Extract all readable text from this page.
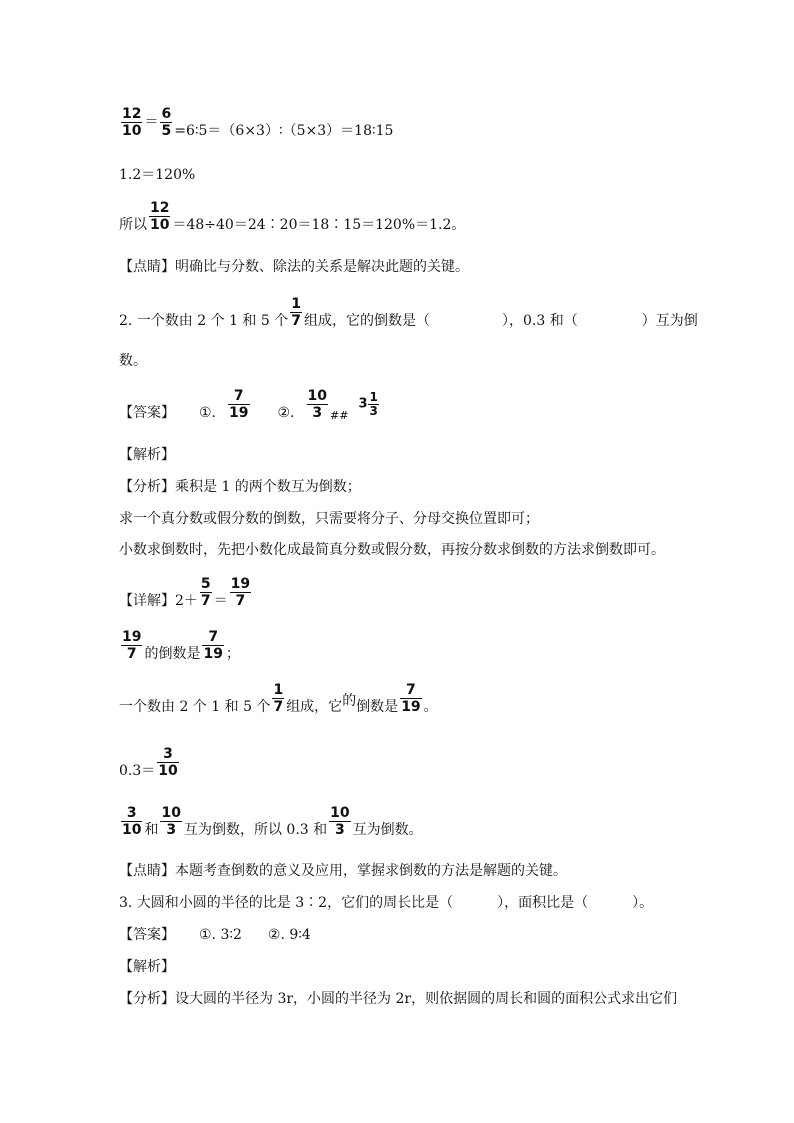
$\frac{12}{10} = \frac{6}{5}$ =6∶5＝（6×3）∶（5×3）＝18∶15
1.2＝120%
所以 $\frac{12}{10}$ ＝48÷40＝24∶20＝18∶15＝120%＝1.2。
【点睛】明确比与分数、除法的关系是解决此题的关键。
2. 一个数由 2 个 1 和 5 个 $\frac{1}{7}$ 组成，它的倒数是（	），0.3 和（	）互为倒
数。
【答案】 ①. $\frac{7}{19}$ ②. $\frac{10}{3} _{\#\#}3 \frac{1}{3}$
【解析】
【分析】乘积是 1 的两个数互为倒数；
求一个真分数或假分数的倒数，只需要将分子、分母交换位置即可；
小数求倒数时，先把小数化成最简真分数或假分数，再按分数求倒数的方法求倒数即可。
【详解】$2+ \frac{5}{7} = \frac{19}{7}$
$\frac{19}{7}$ 的倒数是 $\frac{7}{19}$ ；
一个数由 2 个 1 和 5 个 $\frac{1}{7}$ 组成，它的倒数是 $\frac{7}{19}$ 。
$0.3= \frac{3}{10}$
$\frac{3}{10}$ 和 $\frac{10}{3}$ 互为倒数，所以 0.3 和 $\frac{10}{3}$ 互为倒数。
【点睛】本题考查倒数的意义及应用，掌握求倒数的方法是解题的关键。
3. 大圆和小圆的半径的比是 3∶2，它们的周长比是（	），面积比是（	）。
【答案】 ①. 3∶2 ②. 9∶4
【解析】
【分析】设大圆的半径为 3r，小圆的半径为 2r，则依据圆的周长和圆的面积公式求出它们
